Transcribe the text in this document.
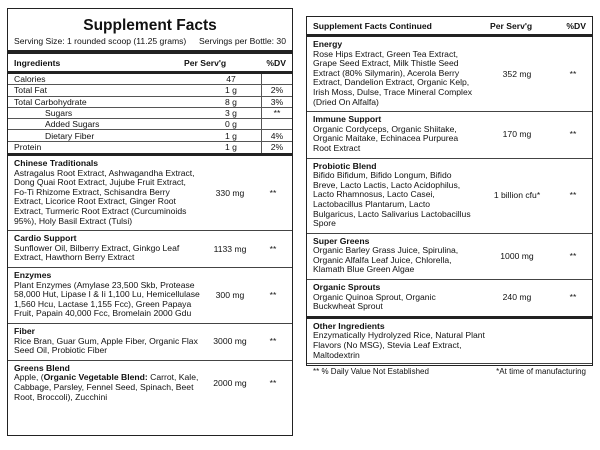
Supplement Facts
Serving Size: 1 rounded scoop (11.25 grams) Servings per Bottle: 30
Ingredients	Per Serv'g	%DV
Calories	47
Total Fat	1 g	2%
Total Carbohydrate	8 g	3%
Sugars	3 g	**
Added Sugars	0 g
Dietary Fiber	1 g	4%
Protein	1 g	2%
Chinese Traditionals
Astragalus Root Extract, Ashwagandha Extract, Dong Quai Root Extract, Jujube Fruit Extract, Fo-Ti Rhizome Extract, Schisandra Berry Extract, Licorice Root Extract, Ginger Root Extract, Turmeric Root Extract (Curcuminoids 95%), Holy Basil Extract (Tulsi)
330 mg	**
Cardio Support
Sunflower Oil, Bilberry Extract, Ginkgo Leaf Extract, Hawthorn Berry Extract
1133 mg	**
Enzymes
Plant Enzymes (Amylase 23,500 Skb, Protease 58,000 Hut, Lipase I & Ii 1,100 Lu, Hemicellulase 1,560 Hcu, Lactase 1,155 Fcc), Green Papaya Fruit, Papain 40,000 Fcc, Bromelain 2000 Gdu
300 mg	**
Fiber
Rice Bran, Guar Gum, Apple Fiber, Organic Flax Seed Oil, Probiotic Fiber
3000 mg	**
Greens Blend
Apple, (Organic Vegetable Blend: Carrot, Kale, Cabbage, Parsley, Fennel Seed, Spinach, Beet Root, Broccoli), Zucchini
2000 mg	**
Supplement Facts Continued	Per Serv'g	%DV
Energy
Rose Hips Extract, Green Tea Extract, Grape Seed Extract, Milk Thistle Seed Extract (80% Silymarin), Acerola Berry Extract, Dandelion Extract, Organic Kelp, Irish Moss, Dulse, Trace Mineral Complex (Dried On Alfalfa)
352 mg	**
Immune Support
Organic Cordyceps, Organic Shiitake, Organic Maitake, Echinacea Purpurea Root Extract
170 mg	**
Probiotic Blend
Bifido Bifidum, Bifido Longum, Bifido Breve, Lacto Lactis, Lacto Acidophilus, Lacto Rhamnosus, Lacto Casei, Lactobacillus Plantarum, Lacto Bulgaricus, Lacto Salivarius Lactobacillus Spore
1 billion cfu*	**
Super Greens
Organic Barley Grass Juice, Spirulina, Organic Alfalfa Leaf Juice, Chlorella, Klamath Blue Green Algae
1000 mg	**
Organic Sprouts
Organic Quinoa Sprout, Organic Buckwheat Sprout
240 mg	**
Other Ingredients
Enzymatically Hydrolyzed Rice, Natural Plant Flavors (No MSG), Stevia Leaf Extract, Maltodextrin
** % Daily Value Not Established	*At time of manufacturing
